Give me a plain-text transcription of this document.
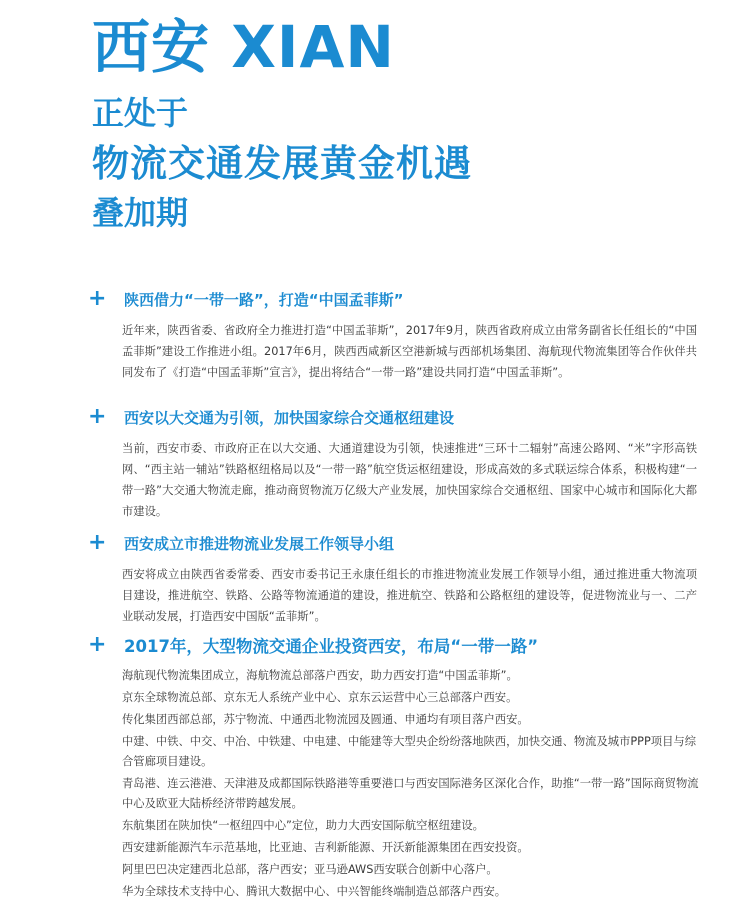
西安 XIAN
正处于
物流交通发展黄金机遇
叠加期
+ 陕西借力“一带一路”，打造“中国孟菲斯”
近年来，陕西省委、省政府全力推进打造“中国孟菲斯”，2017年9月，陕西省政府成立由常务副省长任组长的“中国孟菲斯”建设工作推进小组。2017年6月，陕西西咸新区空港新城与西部机场集团、海航现代物流集团等合作伙伴共同发布了《打造“中国孟菲斯”宣言》，提出将结合“一带一路”建设共同打造“中国孟菲斯”。
+ 西安以大交通为引领，加快国家综合交通枢纽建设
当前，西安市委、市政府正在以大交通、大通道建设为引领，快速推进“三环十二辐射”高速公路网、“米”字形高铁网、“西主站一辅站”铁路枢纽格局以及“一带一路”航空货运枢纽建设，形成高效的多式联运综合体系，积极构建“一带一路”大交通大物流走廊，推动商贸物流万亿级大产业发展，加快国家综合交通枢纽、国家中心城市和国际化大都市建设。
+ 西安成立市推进物流业发展工作领导小组
西安将成立由陕西省委常委、西安市委书记王永康任组长的市推进物流业发展工作领导小组，通过推进重大物流项目建设，推进航空、铁路、公路等物流通道的建设，推进航空、铁路和公路枢纽的建设等，促进物流业与一、二产业联动发展，打造西安中国版“孟菲斯”。
+ 2017年，大型物流交通企业投资西安，布局“一带一路”
海航现代物流集团成立，海航物流总部落户西安，助力西安打造“中国孟菲斯”。
京东全球物流总部、京东无人系统产业中心、京东云运营中心三总部落户西安。
传化集团西部总部，苏宁物流、中通西北物流园及圆通、申通均有项目落户西安。
中建、中铁、中交、中冶、中铁建、中电建、中能建等大型央企纷纷落地陕西，加快交通、物流及城市PPP项目与综合管廊项目建设。
青岛港、连云港港、天津港及成都国际铁路港等重要港口与西安国际港务区深化合作，助推“一带一路”国际商贸物流中心及欧亚大陆桥经济带跨越发展。
东航集团在陕加快“一枢纽四中心”定位，助力大西安国际航空枢纽建设。
西安建新能源汽车示范基地，比亚迪、吉利新能源、开沃新能源集团在西安投资。
阿里巴巴决定建西北总部，落户西安；亚马逊AWS西安联合创新中心落户。
华为全球技术支持中心、腾讯大数据中心、中兴智能终端制造总部落户西安。
